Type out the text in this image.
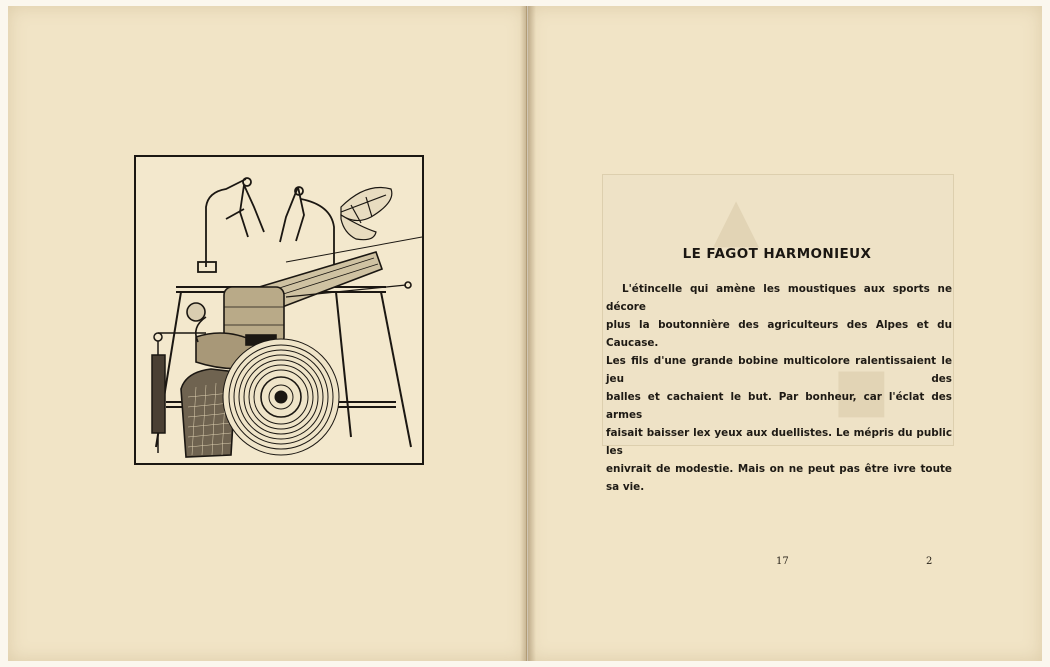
▲
■
LE FAGOT HARMONIEUX
L'étincelle qui amène les moustiques aux sports ne décore
plus la boutonnière des agriculteurs des Alpes et du Caucase.
Les fils d'une grande bobine multicolore ralentissaient le jeu des
balles et cachaient le but. Par bonheur, car l'éclat des armes
faisait baisser lex yeux aux duellistes. Le mépris du public les
enivrait de modestie. Mais on ne peut pas être ivre toute sa vie.
17	2
